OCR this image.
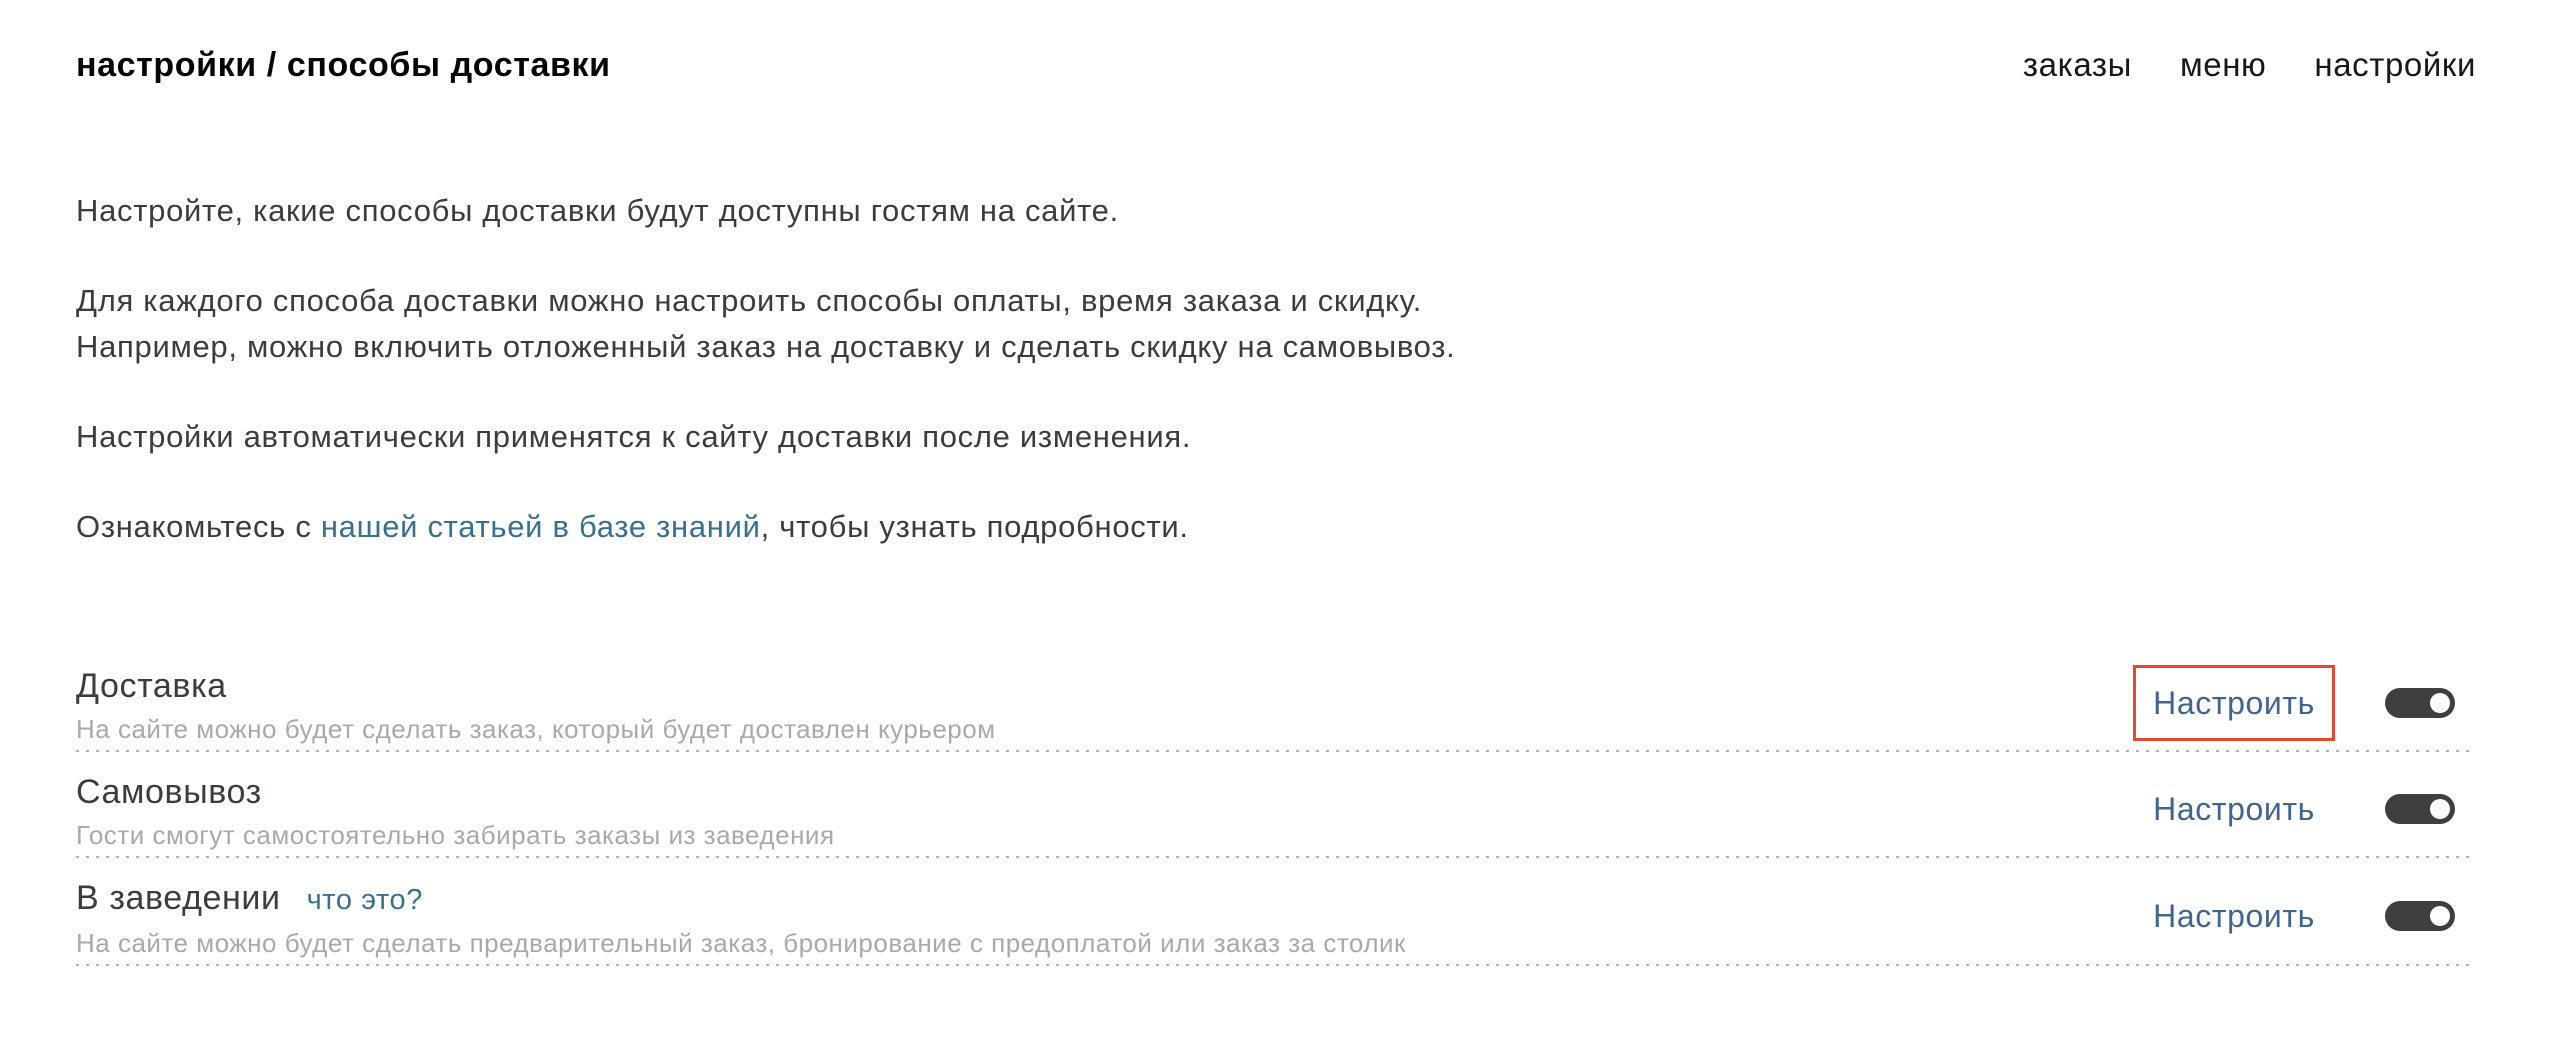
настройки / способы доставки	заказы меню настройки

Настройте, какие способы доставки будут доступны гостям на сайте.

Для каждого способа доставки можно настроить способы оплаты, время заказа и скидку.
Например, можно включить отложенный заказ на доставку и сделать скидку на самовывоз.

Настройки автоматически применятся к сайту доставки после изменения.

Ознакомьтесь с нашей статьей в базе знаний, чтобы узнать подробности.

Доставка
На сайте можно будет сделать заказ, который будет доставлен курьером
Настроить
Самовывоз
Гости смогут самостоятельно забирать заказы из заведения
Настроить
В заведении что это?
На сайте можно будет сделать предварительный заказ, бронирование с предоплатой или заказ за столик
Настроить
